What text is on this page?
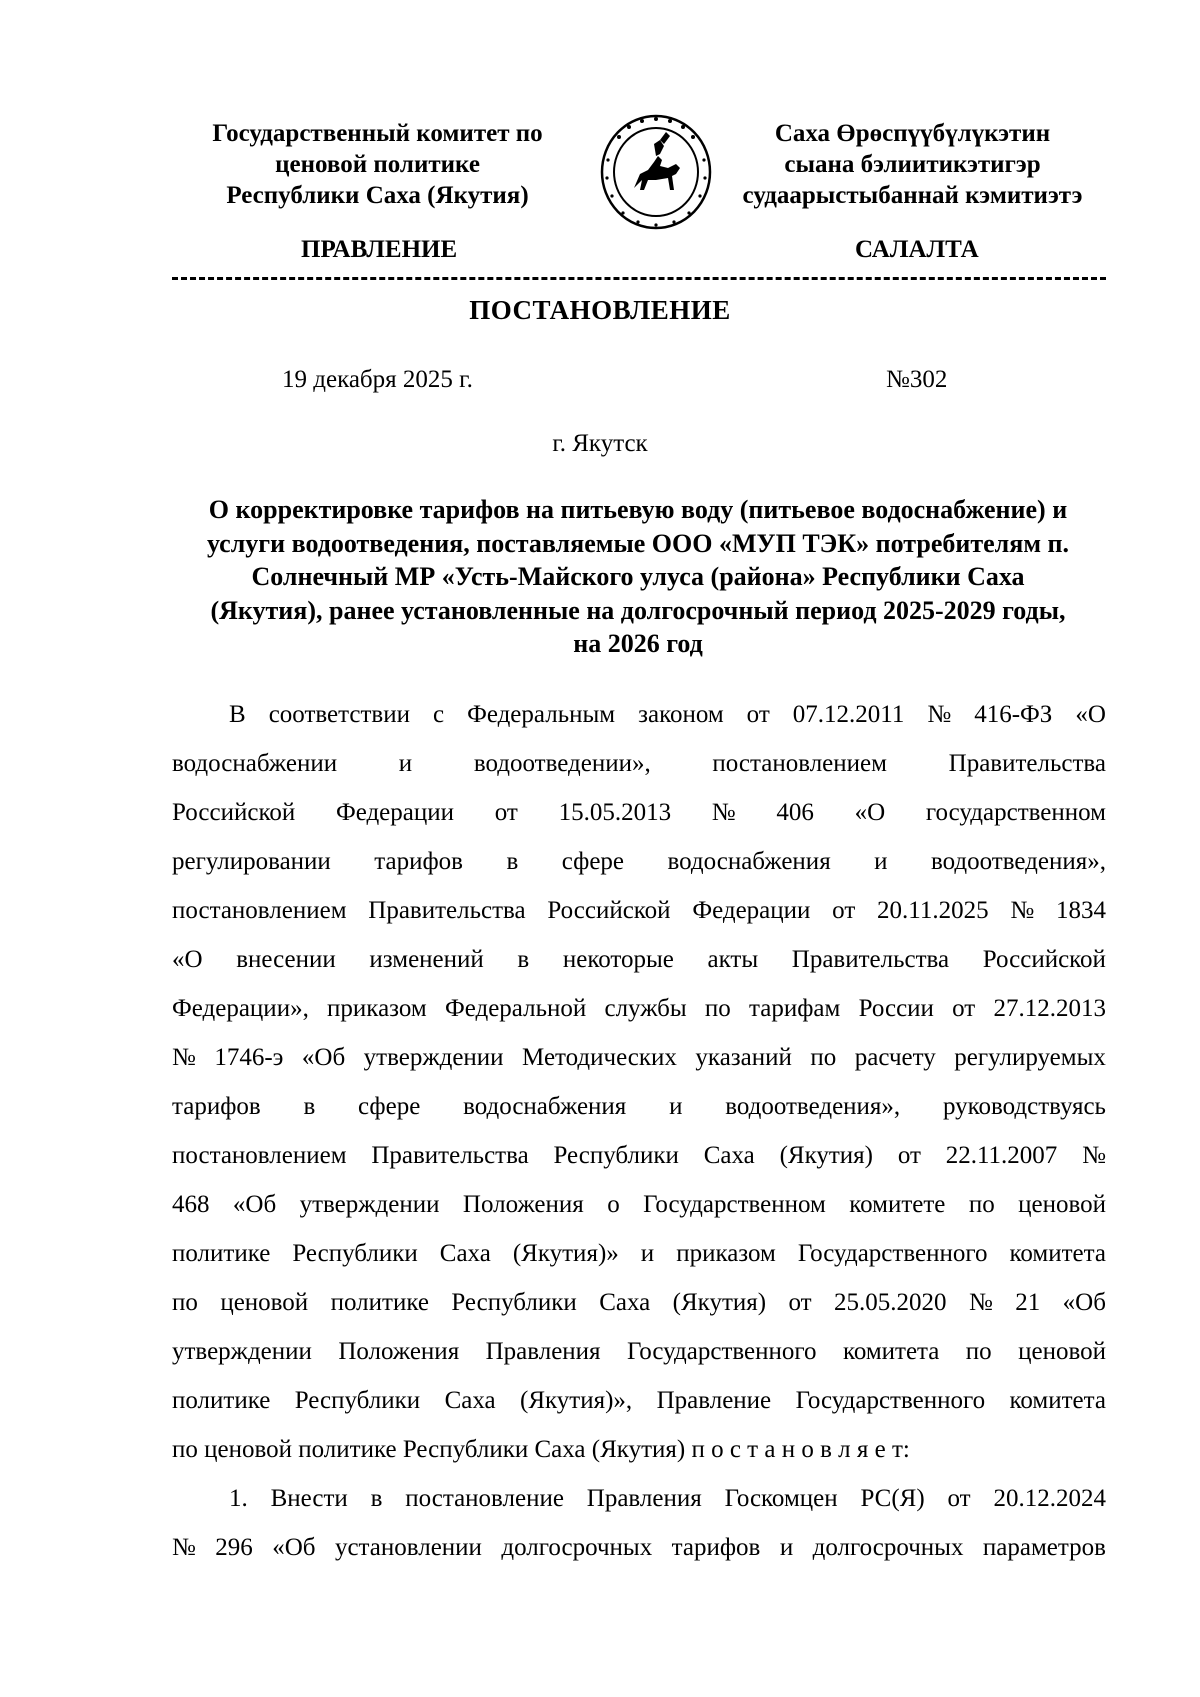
Государственный комитет по
ценовой политике
Республики Саха (Якутия)
Саха Өрөспүүбүлүкэтин
сыана бэлиитикэтигэр
судаарыстыбаннай кэмитиэтэ
ПРАВЛЕНИЕ	САЛАЛТА
ПОСТАНОВЛЕНИЕ
19 декабря 2025 г.	№302
г. Якутск
О корректировке тарифов на питьевую воду (питьевое водоснабжение) и
услуги водоотведения, поставляемые ООО «МУП ТЭК» потребителям п.
Солнечный МР «Усть-Майского улуса (района» Республики Саха
(Якутия), ранее установленные на долгосрочный период 2025-2029 годы,
на 2026 год
В соответствии с Федеральным законом от 07.12.2011 № 416-ФЗ «О
водоснабжении и водоотведении», постановлением Правительства
Российской Федерации от 15.05.2013 № 406 «О государственном
регулировании тарифов в сфере водоснабжения и водоотведения»,
постановлением Правительства Российской Федерации от 20.11.2025 № 1834
«О внесении изменений в некоторые акты Правительства Российской
Федерации», приказом Федеральной службы по тарифам России от 27.12.2013
№ 1746-э «Об утверждении Методических указаний по расчету регулируемых
тарифов в сфере водоснабжения и водоотведения», руководствуясь
постановлением Правительства Республики Саха (Якутия) от 22.11.2007 №
468 «Об утверждении Положения о Государственном комитете по ценовой
политике Республики Саха (Якутия)» и приказом Государственного комитета
по ценовой политике Республики Саха (Якутия) от 25.05.2020 № 21 «Об
утверждении Положения Правления Государственного комитета по ценовой
политике Республики Саха (Якутия)», Правление Государственного комитета
по ценовой политике Республики Саха (Якутия) п о с т а н о в л я е т:
1. Внести в постановление Правления Госкомцен РС(Я) от 20.12.2024
№ 296 «Об установлении долгосрочных тарифов и долгосрочных параметров
